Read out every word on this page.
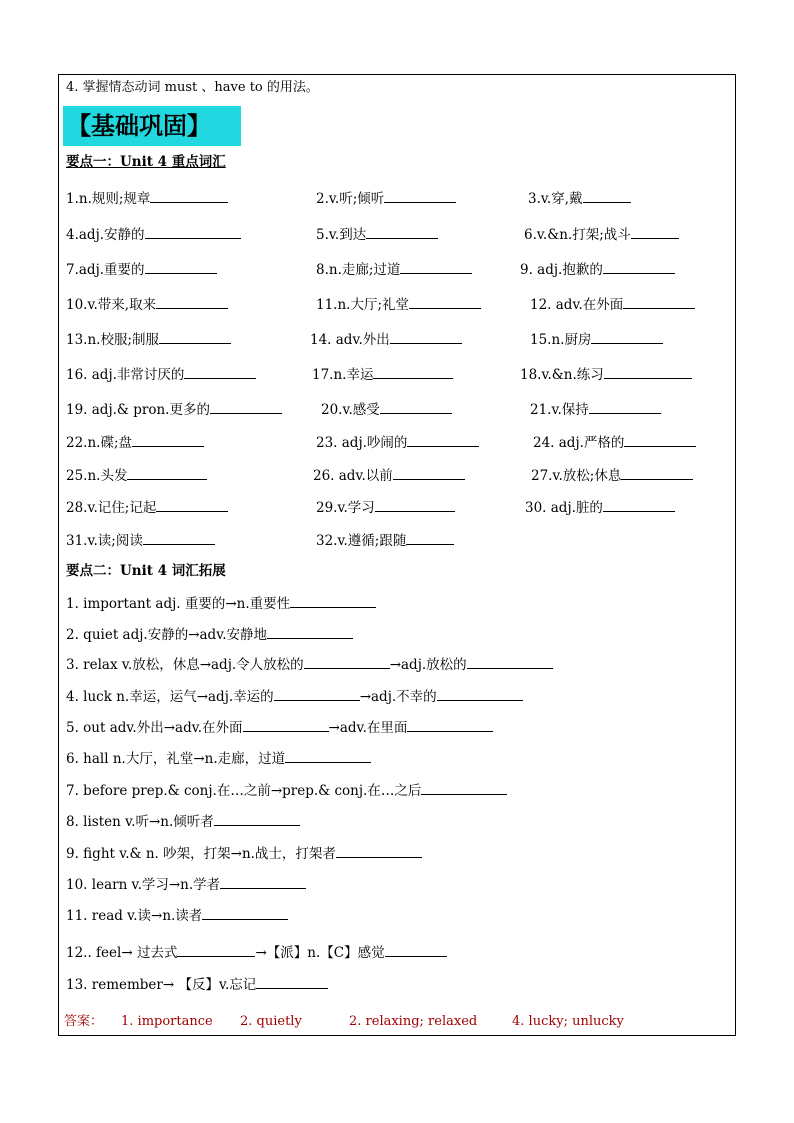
4. 掌握情态动词 must 、have to 的用法。
【基础巩固】
要点一：Unit 4 重点词汇
1.n.规则;规章	2.v.听;倾听	3.v.穿,戴
4.adj.安静的	5.v.到达	6.v.&n.打架;战斗
7.adj.重要的	8.n.走廊;过道	9. adj.抱歉的
10.v.带来,取来	11.n.大厅;礼堂	12. adv.在外面
13.n.校服;制服	14. adv.外出	15.n.厨房
16. adj.非常讨厌的	17.n.幸运	18.v.&n.练习
19. adj.& pron.更多的	20.v.感受	21.v.保持
22.n.碟;盘	23. adj.吵闹的	24. adj.严格的
25.n.头发	26. adv.以前	27.v.放松;休息
28.v.记住;记起	29.v.学习	30. adj.脏的
31.v.读;阅读	32.v.遵循;跟随
要点二：Unit 4 词汇拓展
1. important adj. 重要的→n.重要性
2. quiet adj.安静的→adv.安静地
3. relax v.放松，休息→adj.令人放松的	→adj.放松的
4. luck n.幸运，运气→adj.幸运的	→adj.不幸的
5. out adv.外出→adv.在外面	→adv.在里面
6. hall n.大厅，礼堂→n.走廊，过道
7. before prep.& conj.在…之前→prep.& conj.在…之后
8. listen v.听→n.倾听者
9. fight v.& n. 吵架，打架→n.战士，打架者
10. learn v.学习→n.学者
11. read v.读→n.读者
12.. feel→ 过去式	→【派】n.【C】感觉
13. remember→ 【反】v.忘记
答案： 1. importance 2. quietly	2. relaxing; relaxed	4. lucky; unlucky
